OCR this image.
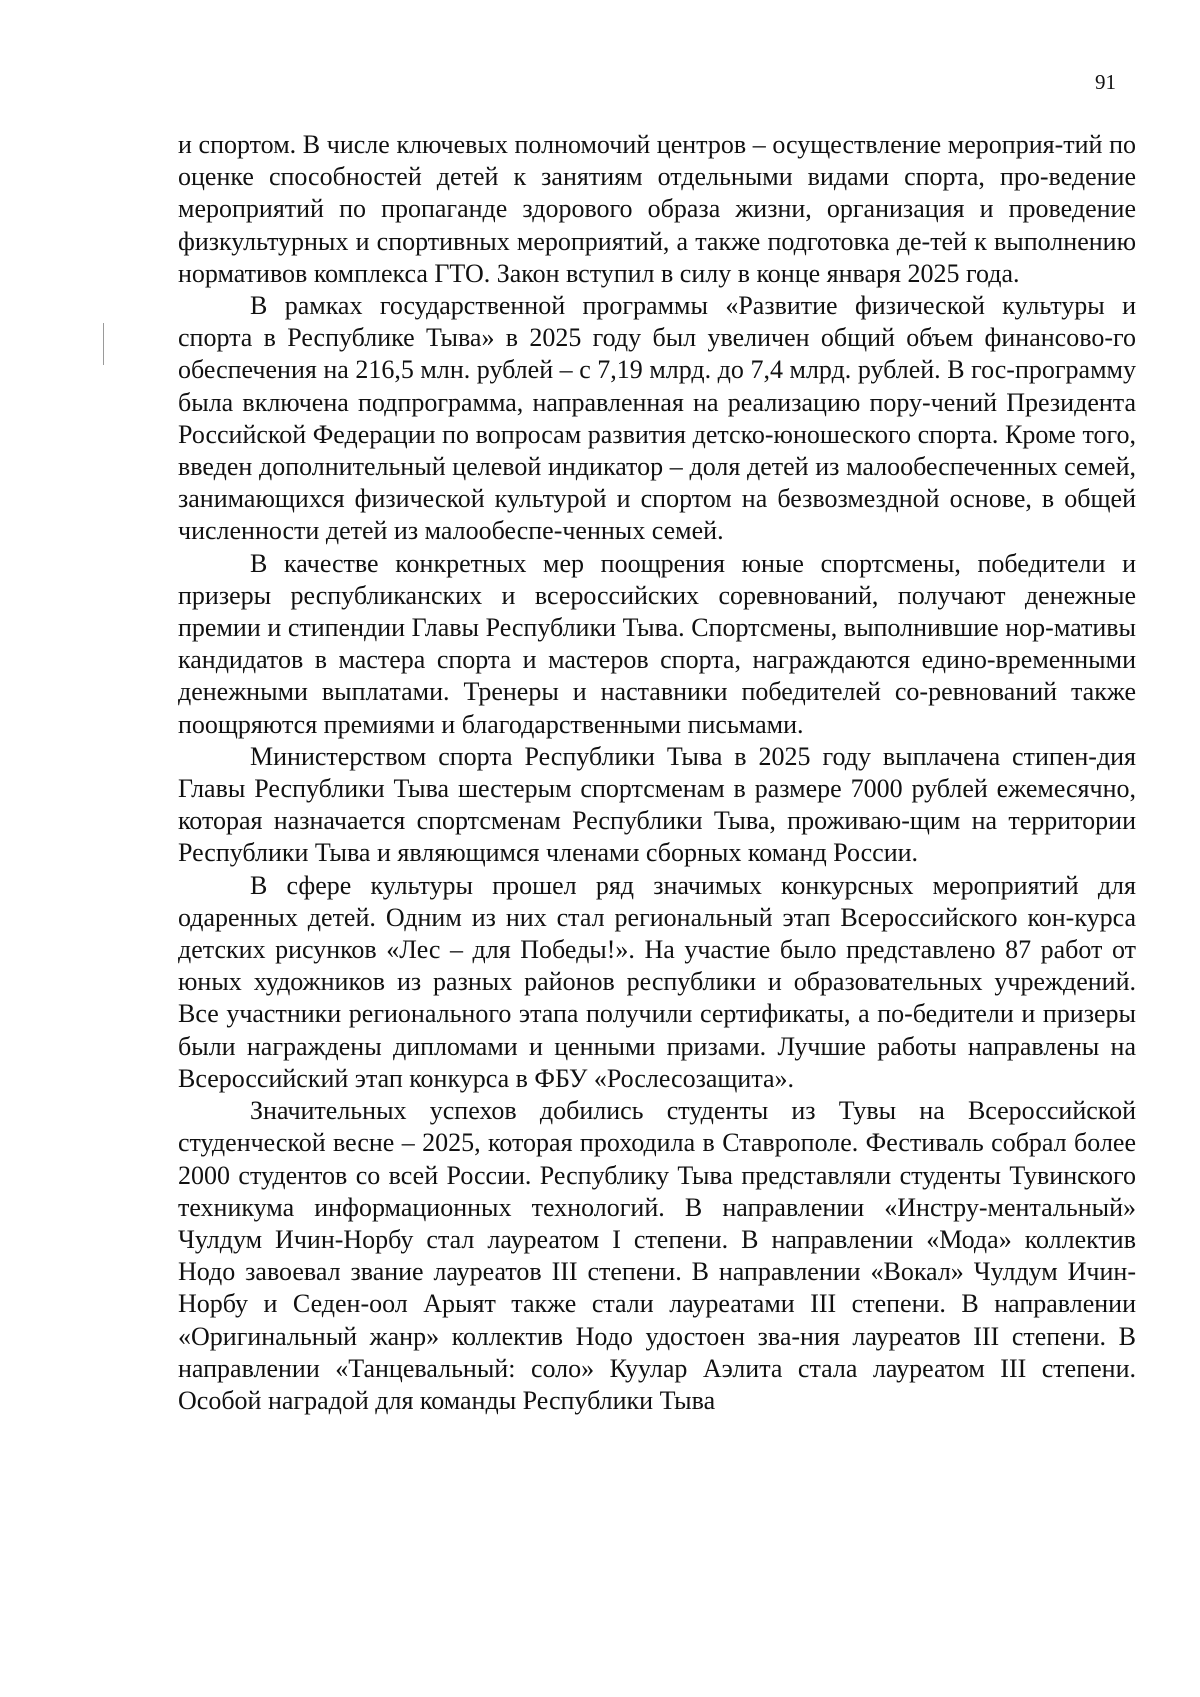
91

и спортом. В числе ключевых полномочий центров – осуществление мероприя-тий по оценке способностей детей к занятиям отдельными видами спорта, про-ведение мероприятий по пропаганде здорового образа жизни, организация и проведение физкультурных и спортивных мероприятий, а также подготовка де-тей к выполнению нормативов комплекса ГТО. Закон вступил в силу в конце января 2025 года.

В рамках государственной программы «Развитие физической культуры и спорта в Республике Тыва» в 2025 году был увеличен общий объем финансово-го обеспечения на 216,5 млн. рублей – с 7,19 млрд. до 7,4 млрд. рублей. В гос-программу была включена подпрограмма, направленная на реализацию пору-чений Президента Российской Федерации по вопросам развития детско-юношеского спорта. Кроме того, введен дополнительный целевой индикатор – доля детей из малообеспеченных семей, занимающихся физической культурой и спортом на безвозмездной основе, в общей численности детей из малообеспе-ченных семей.

В качестве конкретных мер поощрения юные спортсмены, победители и призеры республиканских и всероссийских соревнований, получают денежные премии и стипендии Главы Республики Тыва. Спортсмены, выполнившие нор-мативы кандидатов в мастера спорта и мастеров спорта, награждаются едино-временными денежными выплатами. Тренеры и наставники победителей со-ревнований также поощряются премиями и благодарственными письмами.

Министерством спорта Республики Тыва в 2025 году выплачена стипен-дия Главы Республики Тыва шестерым спортсменам в размере 7000 рублей ежемесячно, которая назначается спортсменам Республики Тыва, проживаю-щим на территории Республики Тыва и являющимся членами сборных команд России.

В сфере культуры прошел ряд значимых конкурсных мероприятий для одаренных детей. Одним из них стал региональный этап Всероссийского кон-курса детских рисунков «Лес – для Победы!». На участие было представлено 87 работ от юных художников из разных районов республики и образовательных учреждений. Все участники регионального этапа получили сертификаты, а по-бедители и призеры были награждены дипломами и ценными призами. Лучшие работы направлены на Всероссийский этап конкурса в ФБУ «Рослесозащита».

Значительных успехов добились студенты из Тувы на Всероссийской студенческой весне – 2025, которая проходила в Ставрополе. Фестиваль собрал более 2000 студентов со всей России. Республику Тыва представляли студенты Тувинского техникума информационных технологий. В направлении «Инстру-ментальный» Чулдум Ичин-Норбу стал лауреатом I степени. В направлении «Мода» коллектив Нодо завоевал звание лауреатов III степени. В направлении «Вокал» Чулдум Ичин-Норбу и Седен-оол Арыят также стали лауреатами III степени. В направлении «Оригинальный жанр» коллектив Нодо удостоен зва-ния лауреатов III степени. В направлении «Танцевальный: соло» Куулар Аэлита стала лауреатом III степени. Особой наградой для команды Республики Тыва
